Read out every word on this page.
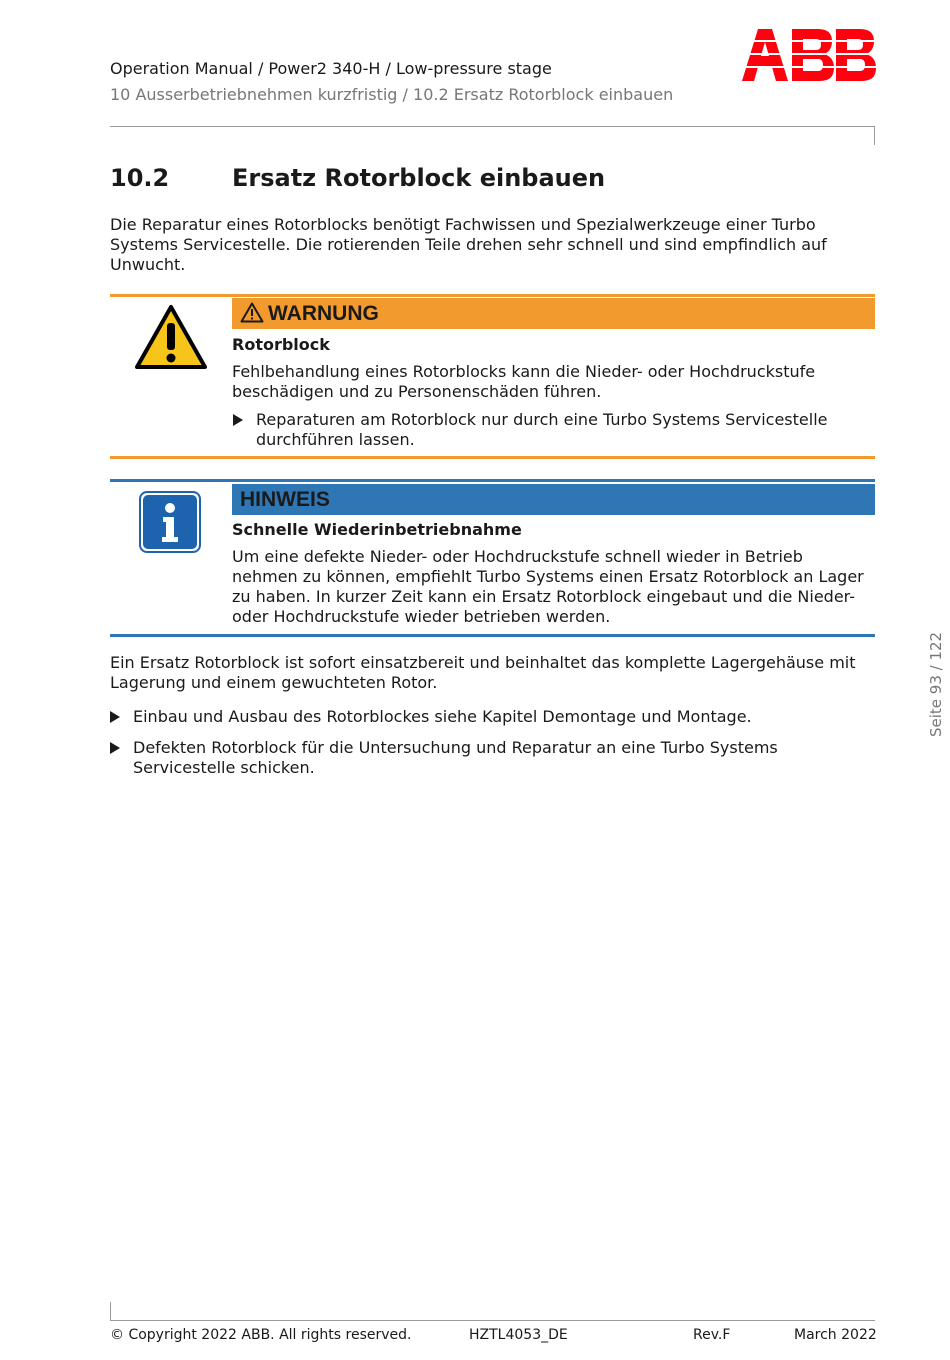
Operation Manual / Power2 340-H / Low-pressure stage
10 Ausserbetriebnehmen kurzfristig / 10.2 Ersatz Rotorblock einbauen
10.2	Ersatz Rotorblock einbauen
Die Reparatur eines Rotorblocks benötigt Fachwissen und Spezialwerkzeuge einer Turbo Systems Servicestelle. Die rotierenden Teile drehen sehr schnell und sind empfindlich auf Unwucht.
WARNUNG
Rotorblock
Fehlbehandlung eines Rotorblocks kann die Nieder- oder Hochdruckstufe beschädigen und zu Personenschäden führen.
Reparaturen am Rotorblock nur durch eine Turbo Systems Servicestelle durchführen lassen.
HINWEIS
Schnelle Wiederinbetriebnahme
Um eine defekte Nieder- oder Hochdruckstufe schnell wieder in Betrieb nehmen zu können, empfiehlt Turbo Systems einen Ersatz Rotorblock an Lager zu haben. In kurzer Zeit kann ein Ersatz Rotorblock eingebaut und die Nieder- oder Hochdruckstufe wieder betrieben werden.
Ein Ersatz Rotorblock ist sofort einsatzbereit und beinhaltet das komplette Lagergehäuse mit Lagerung und einem gewuchteten Rotor.
Einbau und Ausbau des Rotorblockes siehe Kapitel Demontage und Montage.
Defekten Rotorblock für die Untersuchung und Reparatur an eine Turbo Systems Servicestelle schicken.
Seite 93 / 122
© Copyright 2022 ABB. All rights reserved.	HZTL4053_DE	Rev.F	March 2022
